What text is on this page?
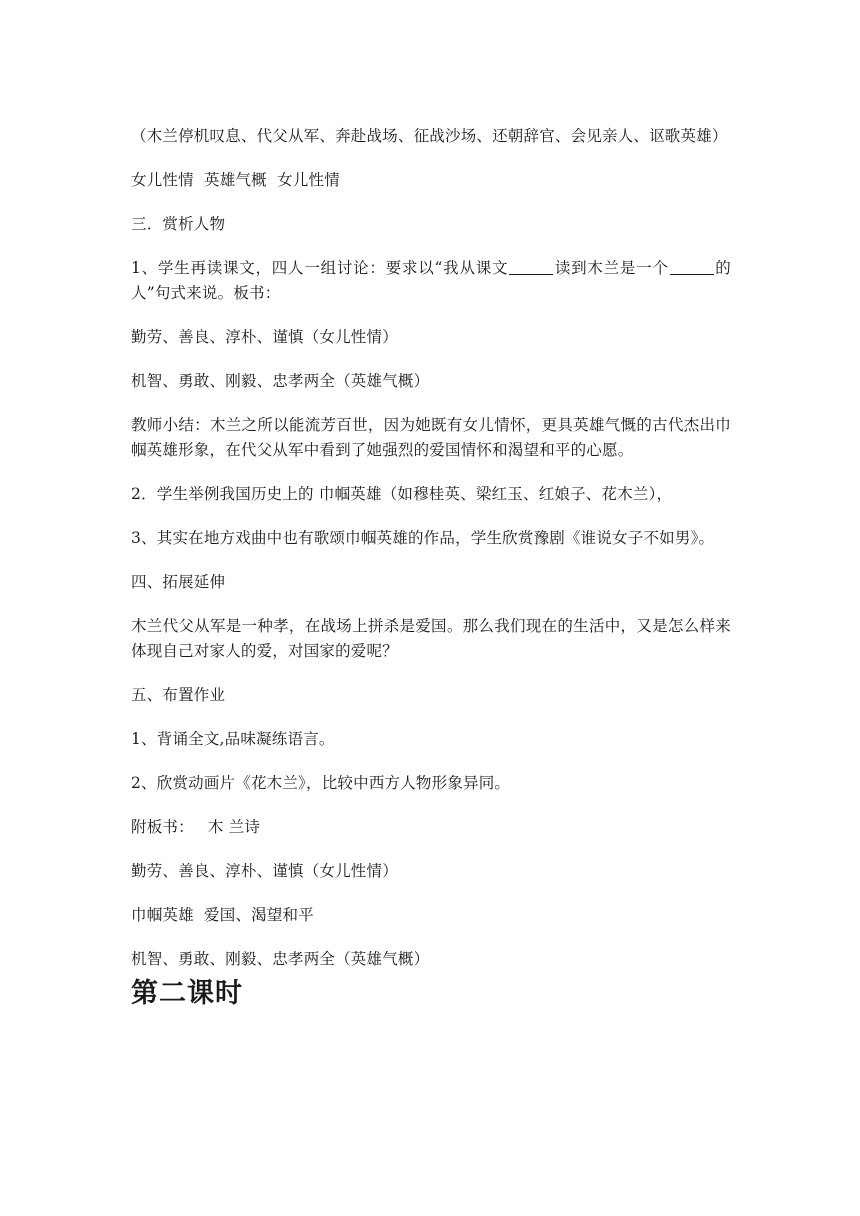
（木兰停机叹息、代父从军、奔赴战场、征战沙场、还朝辞官、会见亲人、讴歌英雄）

女儿性情  英雄气概  女儿性情

三．赏析人物

1、学生再读课文，四人一组讨论：要求以“我从课文	读到木兰是一个	的人”句式来说。板书：

勤劳、善良、淳朴、谨慎（女儿性情）

机智、勇敢、刚毅、忠孝两全（英雄气概）

教师小结：木兰之所以能流芳百世，因为她既有女儿情怀，更具英雄气慨的古代杰出巾帼英雄形象，在代父从军中看到了她强烈的爱国情怀和渴望和平的心愿。

2．学生举例我国历史上的 巾帼英雄（如穆桂英、梁红玉、红娘子、花木兰），

3、其实在地方戏曲中也有歌颂巾帼英雄的作品，学生欣赏豫剧《谁说女子不如男》。

四、拓展延伸

木兰代父从军是一种孝，在战场上拼杀是爱国。那么我们现在的生活中，又是怎么样来体现自己对家人的爱，对国家的爱呢？

五、布置作业

1、背诵全文,品味凝练语言。

2、欣赏动画片《花木兰》，比较中西方人物形象异同。

附板书： 木 兰诗

勤劳、善良、淳朴、谨慎（女儿性情）

巾帼英雄  爱国、渴望和平

机智、勇敢、刚毅、忠孝两全（英雄气概）

第二课时
